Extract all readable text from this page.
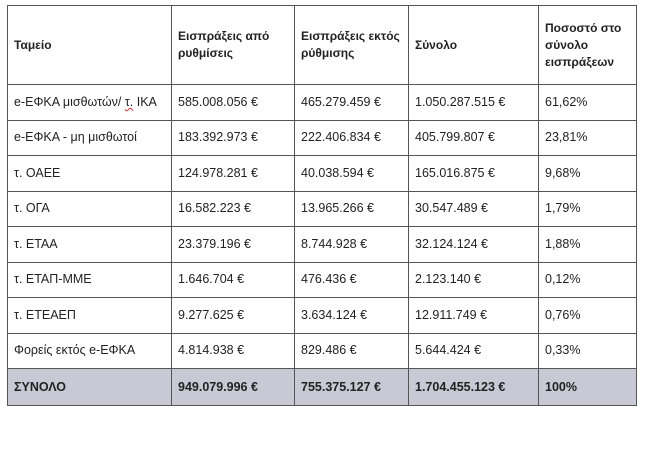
Ταμείο	Εισπράξεις από ρυθμίσεις	Εισπράξεις εκτός ρύθμισης	Σύνολο	Ποσοστό στο σύνολο εισπράξεων
e-ΕΦΚΑ μισθωτών/ τ. ΙΚΑ	585.008.056 €	465.279.459 €	1.050.287.515 €	61,62%
e-ΕΦΚΑ - μη μισθωτοί	183.392.973 €	222.406.834 €	405.799.807 €	23,81%
τ. ΟΑΕΕ	124.978.281 €	40.038.594 €	165.016.875 €	9,68%
τ. ΟΓΑ	16.582.223 €	13.965.266 €	30.547.489 €	1,79%
τ. ΕΤΑΑ	23.379.196 €	8.744.928 €	32.124.124 €	1,88%
τ. ΕΤΑΠ-ΜΜΕ	1.646.704 €	476.436 €	2.123.140 €	0,12%
τ. ΕΤΕΑΕΠ	9.277.625 €	3.634.124 €	12.911.749 €	0,76%
Φορείς εκτός e-ΕΦΚΑ	4.814.938 €	829.486 €	5.644.424 €	0,33%
ΣΥΝΟΛΟ	949.079.996 €	755.375.127 €	1.704.455.123 €	100%
